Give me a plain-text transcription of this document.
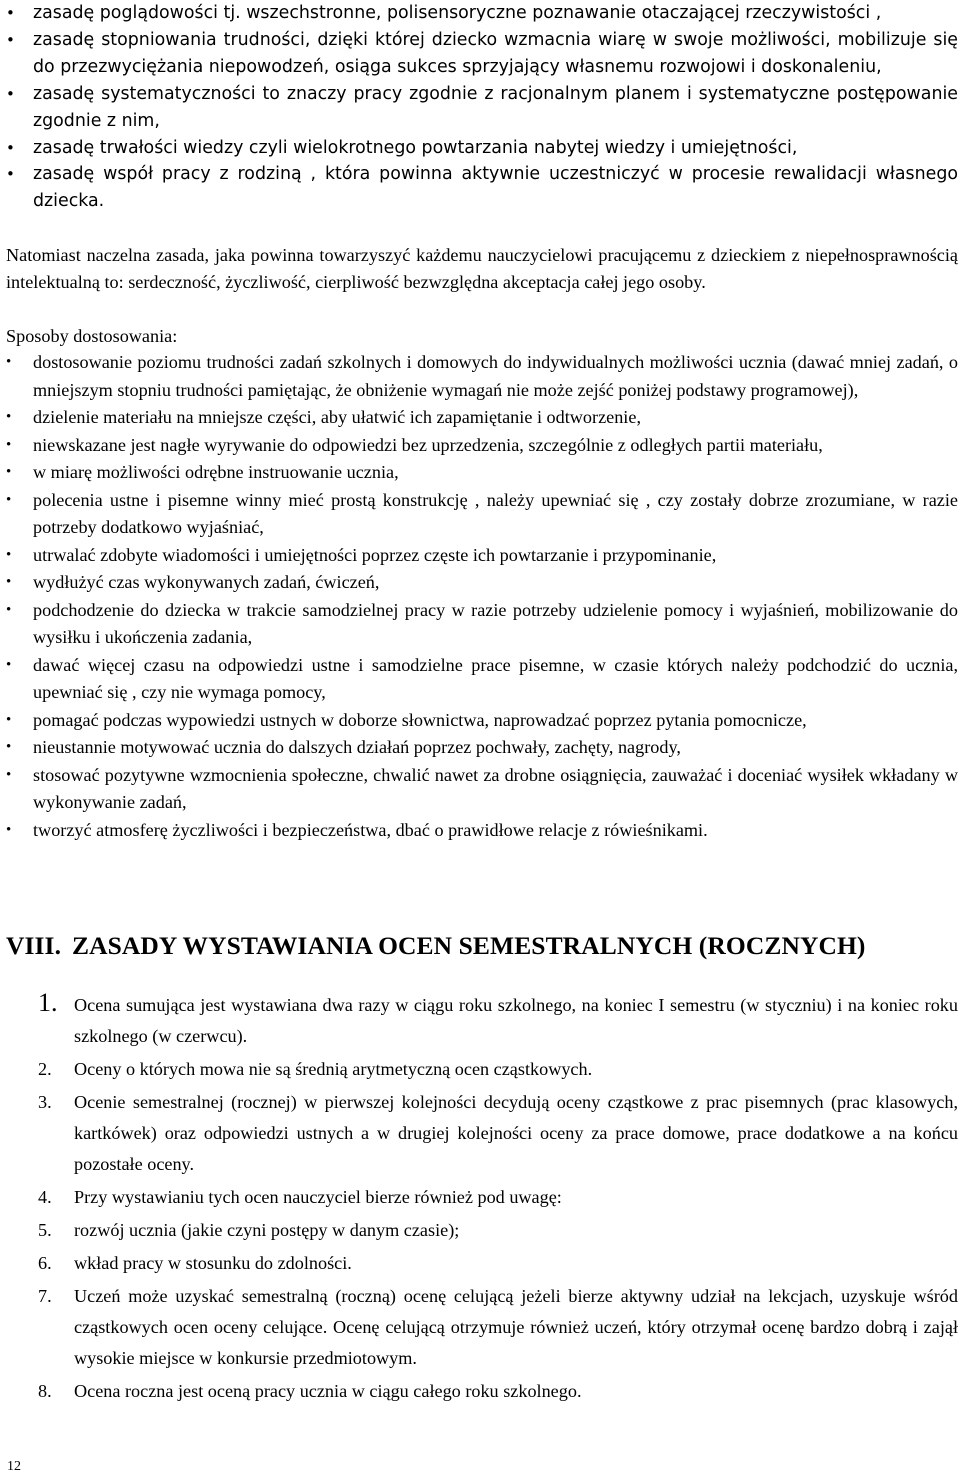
• zasadę poglądowości tj. wszechstronne, polisensoryczne poznawanie otaczającej rzeczywistości ,
• zasadę stopniowania trudności, dzięki której dziecko wzmacnia wiarę w swoje możliwości, mobilizuje się do przezwyciężania niepowodzeń, osiąga sukces sprzyjający własnemu rozwojowi i doskonaleniu,
• zasadę systematyczności to znaczy pracy zgodnie z racjonalnym planem i systematyczne postępowanie zgodnie z nim,
• zasadę trwałości wiedzy czyli wielokrotnego powtarzania nabytej wiedzy i umiejętności,
• zasadę współ pracy z rodziną , która powinna aktywnie uczestniczyć w procesie rewalidacji własnego dziecka.
Natomiast naczelna zasada, jaka powinna towarzyszyć każdemu nauczycielowi pracującemu z dzieckiem z niepełnosprawnością intelektualną to: serdeczność, życzliwość, cierpliwość bezwzględna akceptacja całej jego osoby.
Sposoby dostosowania:
• dostosowanie poziomu trudności zadań szkolnych i domowych do indywidualnych możliwości ucznia (dawać mniej zadań, o mniejszym stopniu trudności pamiętając, że obniżenie wymagań nie może zejść poniżej podstawy programowej),
• dzielenie materiału na mniejsze części, aby ułatwić ich zapamiętanie i odtworzenie,
• niewskazane jest nagłe wyrywanie do odpowiedzi bez uprzedzenia, szczególnie z odległych partii materiału,
• w miarę możliwości odrębne instruowanie ucznia,
• polecenia ustne i pisemne winny mieć prostą konstrukcję , należy upewniać się , czy zostały dobrze zrozumiane, w razie potrzeby dodatkowo wyjaśniać,
• utrwalać zdobyte wiadomości i umiejętności poprzez częste ich powtarzanie i przypominanie,
• wydłużyć czas wykonywanych zadań, ćwiczeń,
• podchodzenie do dziecka w trakcie samodzielnej pracy w razie potrzeby udzielenie pomocy i wyjaśnień, mobilizowanie do wysiłku i ukończenia zadania,
• dawać więcej czasu na odpowiedzi ustne i samodzielne prace pisemne, w czasie których należy podchodzić do ucznia, upewniać się , czy nie wymaga pomocy,
• pomagać podczas wypowiedzi ustnych w doborze słownictwa, naprowadzać poprzez pytania pomocnicze,
• nieustannie motywować ucznia do dalszych działań poprzez pochwały, zachęty, nagrody,
• stosować pozytywne wzmocnienia społeczne, chwalić nawet za drobne osiągnięcia, zauważać i doceniać wysiłek wkładany w wykonywanie zadań,
• tworzyć atmosferę życzliwości i bezpieczeństwa, dbać o prawidłowe relacje z rówieśnikami.
VIII. ZASADY WYSTAWIANIA OCEN SEMESTRALNYCH (ROCZNYCH)
1. Ocena sumująca jest wystawiana dwa razy w ciągu roku szkolnego, na koniec I semestru (w styczniu) i na koniec roku szkolnego (w czerwcu).
2. Oceny o których mowa nie są średnią arytmetyczną ocen cząstkowych.
3. Ocenie semestralnej (rocznej) w pierwszej kolejności decydują oceny cząstkowe z prac pisemnych (prac klasowych, kartkówek) oraz odpowiedzi ustnych a w drugiej kolejności oceny za prace domowe, prace dodatkowe a na końcu pozostałe oceny.
4. Przy wystawianiu tych ocen nauczyciel bierze również pod uwagę:
5. rozwój ucznia (jakie czyni postępy w danym czasie);
6. wkład pracy w stosunku do zdolności.
7. Uczeń może uzyskać semestralną (roczną) ocenę celującą jeżeli bierze aktywny udział na lekcjach, uzyskuje wśród cząstkowych ocen oceny celujące. Ocenę celującą otrzymuje również uczeń, który otrzymał ocenę bardzo dobrą i zajął wysokie miejsce w konkursie przedmiotowym.
8. Ocena roczna jest oceną pracy ucznia w ciągu całego roku szkolnego.
12
